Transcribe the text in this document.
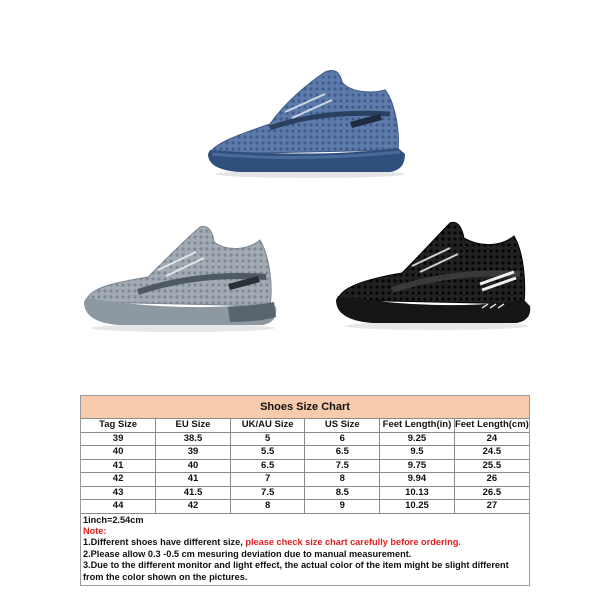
Shoes Size Chart					
Tag Size	EU Size	UK/AU Size	US Size	Feet Length(in)	Feet Length(cm)
39	38.5	5	6	9.25	24
40	39	5.5	6.5	9.5	24.5
41	40	6.5	7.5	9.75	25.5
42	41	7	8	9.94	26
43	41.5	7.5	8.5	10.13	26.5
44	42	8	9	10.25	27
1inch=2.54cm
Note:
1.Different shoes have different size, please check size chart carefully before ordering.
2.Please allow 0.3 -0.5 cm mesuring deviation due to manual measurement.
3.Due to the different monitor and light effect, the actual color of the item might be slight different from the color shown on the pictures.
